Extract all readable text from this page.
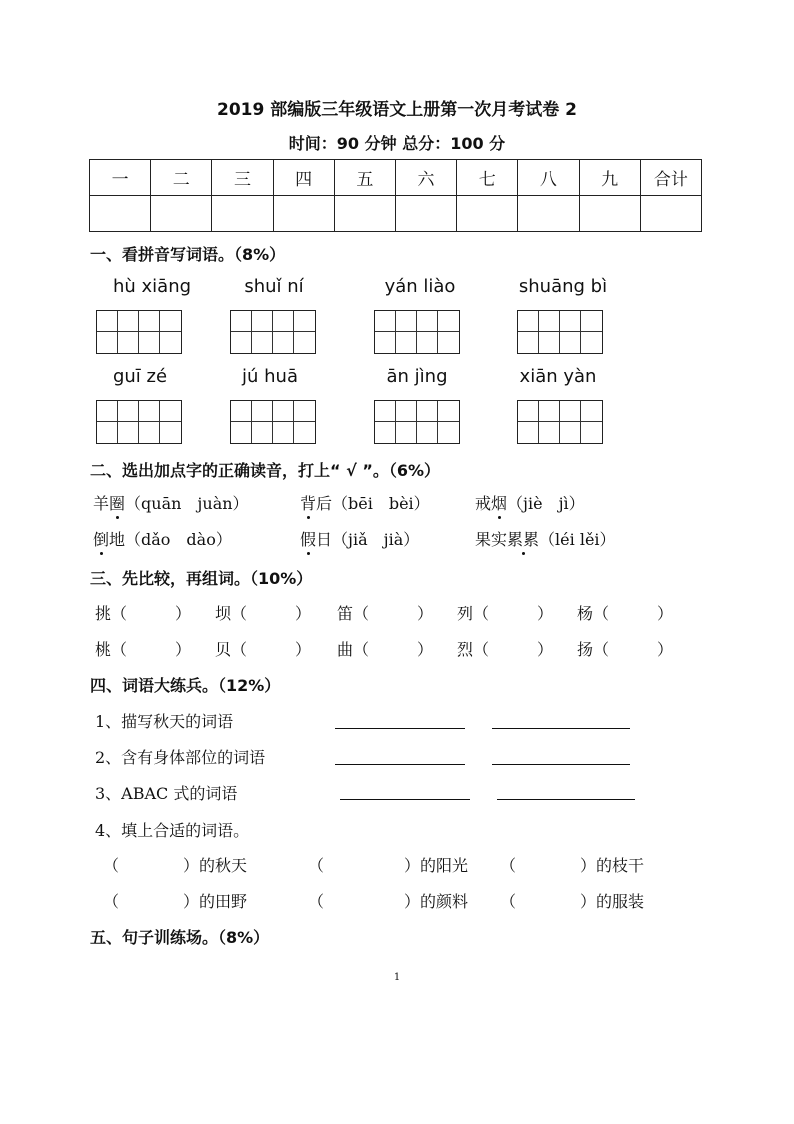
2019 部编版三年级语文上册第一次月考试卷 2
时间：90 分钟 总分：100 分
一	二	三	四	五	六	七	八	九	合计

一、看拼音写词语。（8%）
hù xiāng	shuǐ ní	yán liào	shuāng bì
guī zé	jú huā	ān jìng	xiān yàn
二、选出加点字的正确读音，打上“ √ ”。（6%）
羊圈（quān　juàn）	背后（bēi　bèi）	戒烟（jiè　jì）
倒地（dǎo　dào）	假日（jiǎ　jià）	果实累累（léi lěi）
三、先比较，再组词。（10%）
挑（　　　） 坝（　　　） 笛（　　　） 列（　　　） 杨（　　　）
桃（　　　） 贝（　　　） 曲（　　　） 烈（　　　） 扬（　　　）
四、词语大练兵。（12%）
1、描写秋天的词语
2、含有身体部位的词语
3、ABAC 式的词语
4、填上合适的词语。
（　　　　）的秋天	（　　　　　）的阳光 （　　　　）的枝干
（　　　　）的田野	（　　　　　）的颜料 （　　　　）的服装
五、句子训练场。（8%）
1
